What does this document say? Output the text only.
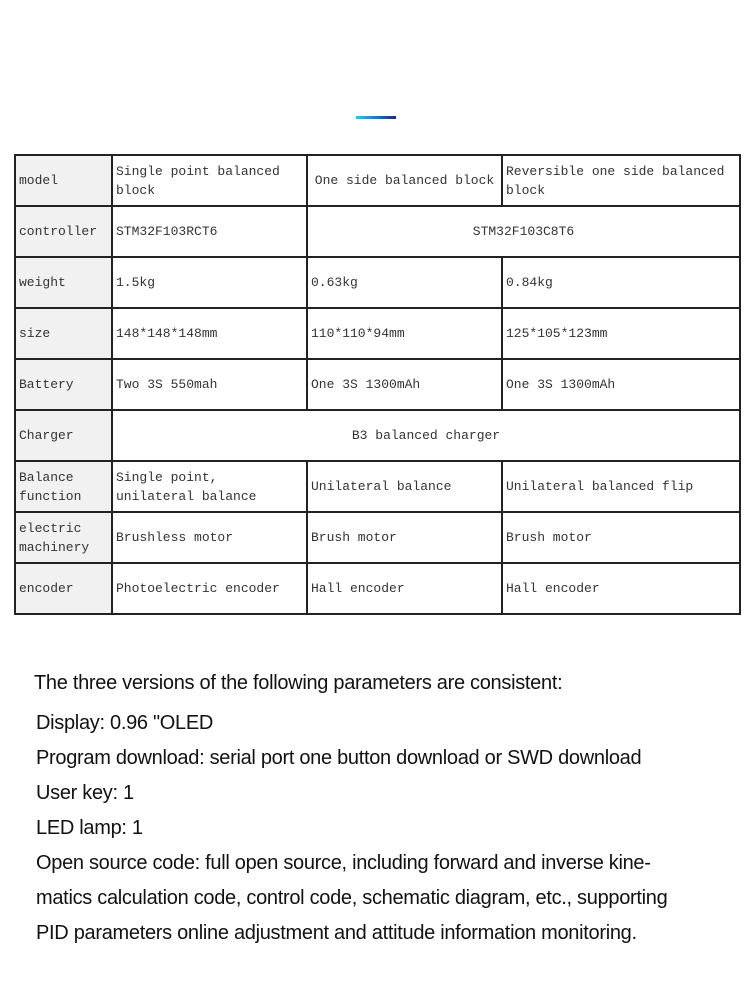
PRODUCT IMFORMATION
model	Single point balanced block	One side balanced block	Reversible one side balanced block
controller	STM32F103RCT6	STM32F103C8T6	
weight	1.5kg	0.63kg	0.84kg
size	148*148*148mm	110*110*94mm	125*105*123mm
Battery	Two 3S 550mah	One 3S 1300mAh	One 3S 1300mAh
Charger	B3 balanced charger		
Balance function	Single point, unilateral balance	Unilateral balance	Unilateral balanced flip
electric machinery	Brushless motor	Brush motor	Brush motor
encoder	Photoelectric encoder	Hall encoder	Hall encoder
The three versions of the following parameters are consistent:
Display: 0.96 "OLED
Program download: serial port one button download or SWD download
User key: 1
LED lamp: 1
Open source code: full open source, including forward and inverse kine-
matics calculation code, control code, schematic diagram, etc., supporting
PID parameters online adjustment and attitude information monitoring.
